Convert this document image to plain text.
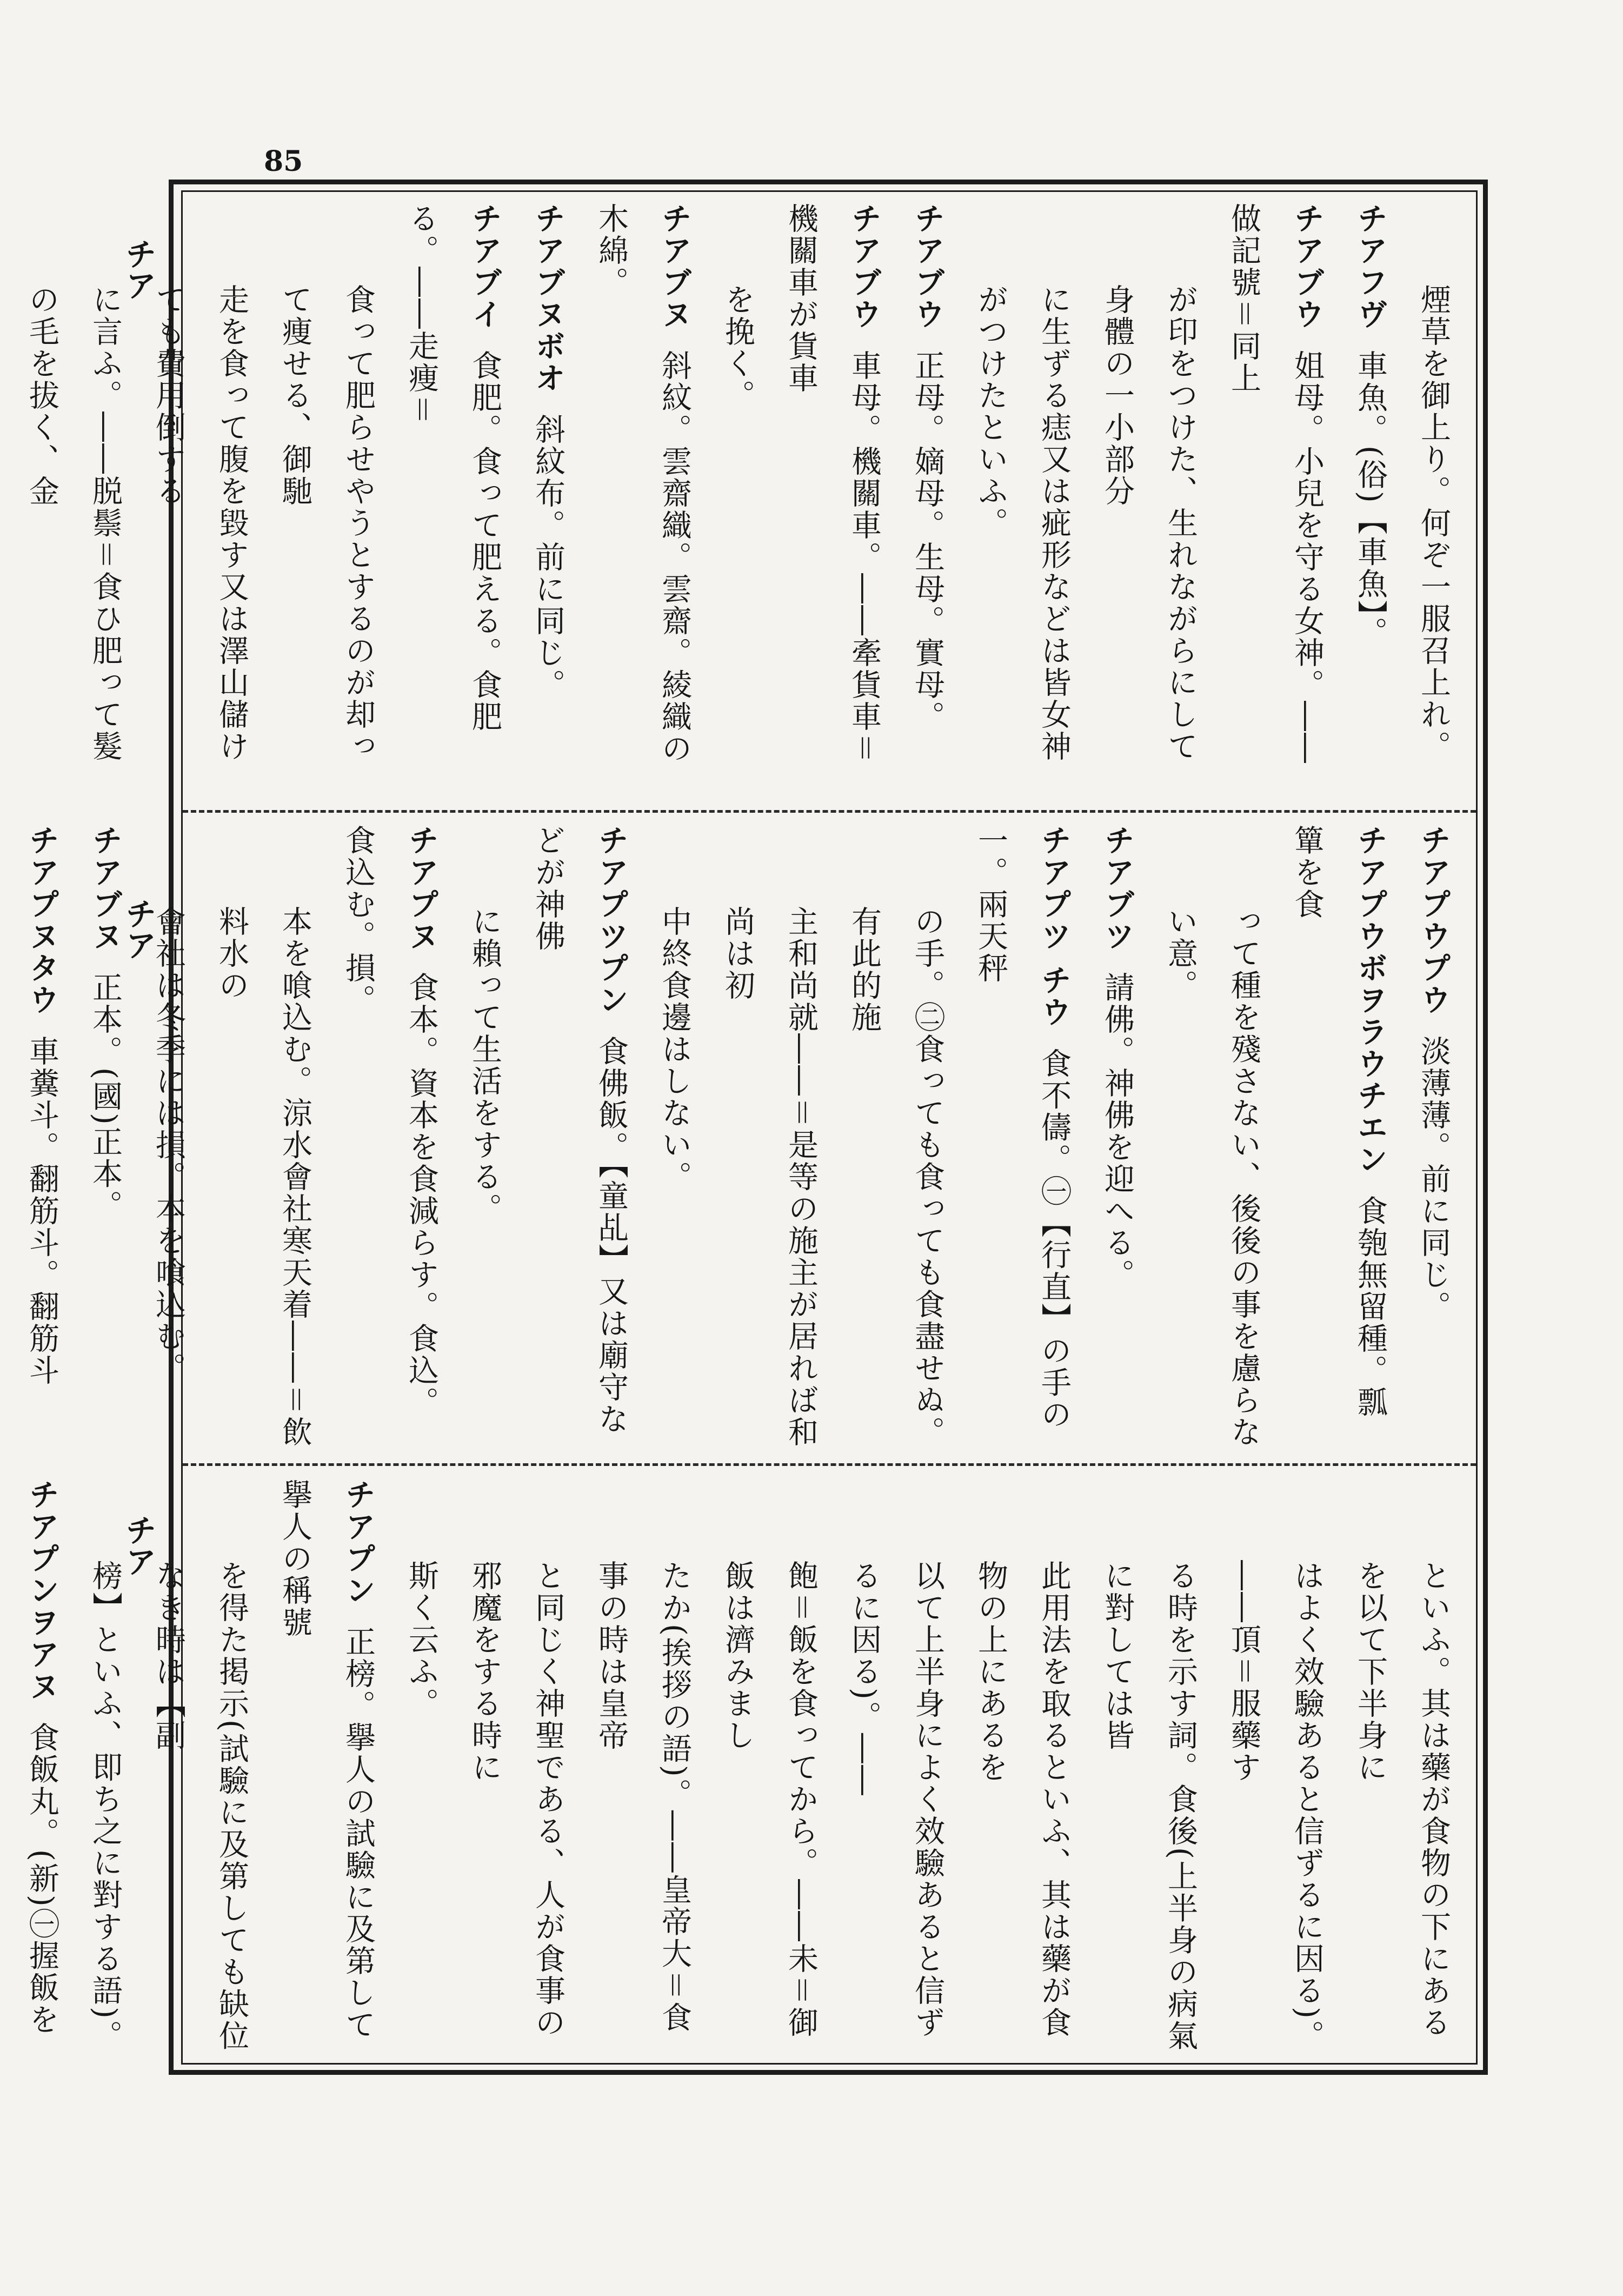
85
チア
チア
チア
煙草を御上り。何ぞ一服召上れ。
チアフヴ車魚。(俗)【車魚】。
チアブウ姐母。小兒を守る女神。――做記號＝同上
が印をつけた、生れながらにして身體の一小部分
に生ずる痣又は疵形などは皆女神がつけたといふ。
チアブウ正母。嫡母。生母。實母。
チアブウ車母。機關車。――牽貨車＝機關車が貨車
を挽く。
チアブヌ斜紋。雲齋織。雲齋。綾織の木綿。
チアブヌボオ斜紋布。前に同じ。
チアブイ食肥。食って肥える。食肥る。――走痩＝
食って肥らせやうとするのが却って痩せる、御馳
走を食って腹を毀す又は澤山儲けても費用倒する
に言ふ。――脱鬃＝食ひ肥って髮の毛を拔く、金
チアプウプウ淡薄薄。前に同じ。
チアプウボヲラウチエン食匏無留種。瓢簞を食
って種を殘さない、後後の事を慮らない意。
チアブツ請佛。神佛を迎へる。
チアプツ チウ食不儔。㊀【行直】の手の一。兩天秤
の手。㊁食っても食っても食盡せぬ。有此的施
主和尚就――＝是等の施主が居れば和尚は初
中終食邊はしない。
チアプツプン食佛飯。【童乩】又は廟守などが神佛
に賴って生活をする。
チアプヌ食本。資本を食減らす。食込。食込む。損。
本を喰込む。涼水會社寒天着――＝飲料水の
會社は冬季には損。本を喰込む。
チアブヌ正本。(國)正本。
チアプヌタウ車糞斗。翻筋斗。翻筋斗
といふ。其は藥が食物の下にあるを以て下半身に
はよく效驗あると信ずるに因る)。――頂＝服藥す
る時を示す詞。食後(上半身の病氣に對しては皆
此用法を取るといふ、其は藥が食物の上にあるを
以て上半身によく效驗あると信ずるに因る)。――
飽＝飯を食ってから。――未＝御飯は濟みまし
たか(挨拶の語)。――皇帝大＝食事の時は皇帝
と同じく神聖である、人が食事の邪魔をする時に
斯く云ふ。
チアプン正榜。擧人の試驗に及第して擧人の稱號
を得た掲示(試驗に及第しても缺位なき時は【副
榜】といふ、即ち之に對する語)。
チアプンヲアヌ食飯丸。(新)㊀握飯を
